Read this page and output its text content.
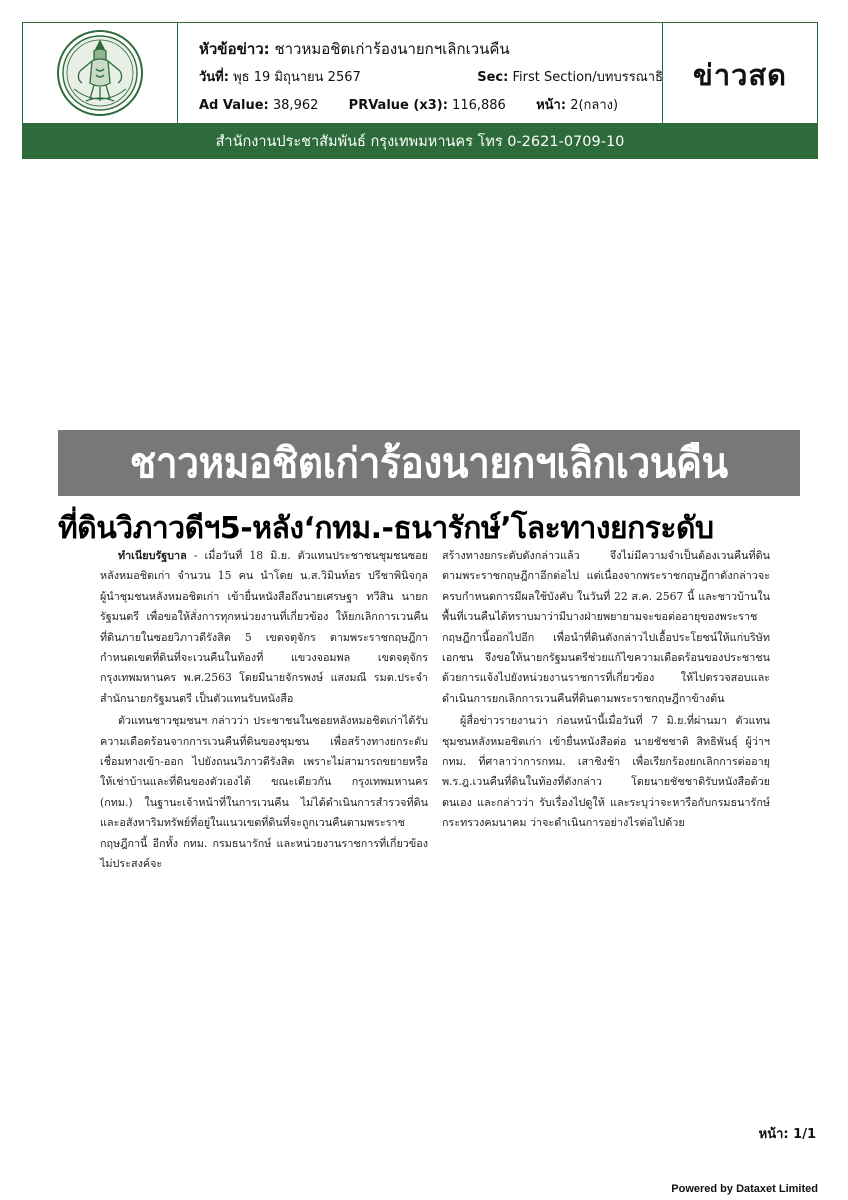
หัวข้อข่าว: ชาวหมอชิตเก่าร้องนายกฯเลิกเวนคืน
วันที่: พุธ 19 มิถุนายน 2567	Sec: First Section/บทบรรณาธิ
Ad Value: 38,962 PRValue (x3): 116,886 หน้า: 2(กลาง)
ข่าวสด
สำนักงานประชาสัมพันธ์ กรุงเทพมหานคร โทร 0-2621-0709-10
ชาวหมอชิตเก่าร้องนายกฯเลิกเวนคืน
ที่ดินวิภาวดีฯ5-หลัง‘กทม.-ธนารักษ์’โละทางยกระดับ

ทำเนียบรัฐบาล - เมื่อวันที่ 18 มิ.ย. ตัวแทนประชาชนชุมชนซอยหลังหมอชิตเก่า จำนวน 15 คน นำโดย น.ส.วิมินท์อร ปรีชาพินิจกุล ผู้นำชุมชนหลังหมอชิตเก่า เข้ายื่นหนังสือถึงนายเศรษฐา ทวีสิน นายกรัฐมนตรี เพื่อขอให้สั่งการทุกหน่วยงานที่เกี่ยวข้อง ให้ยกเลิกการเวนคืนที่ดินภายในซอยวิภาวดีรังสิต 5 เขตจตุจักร ตามพระราชกฤษฎีกากำหนดเขตที่ดินที่จะเวนคืนในท้องที่ แขวงจอมพล เขตจตุจักร กรุงเทพมหานคร พ.ศ.2563 โดยมีนายจักรพงษ์ แสงมณี รมต.ประจำสำนักนายกรัฐมนตรี เป็นตัวแทนรับหนังสือ

ตัวแทนชาวชุมชนฯ กล่าวว่า ประชาชนในซอยหลังหมอชิตเก่าได้รับความเดือดร้อนจากการเวนคืนที่ดินของชุมชน เพื่อสร้างทางยกระดับเชื่อมทางเข้า-ออก ไปยังถนนวิภาวดีรังสิต เพราะไม่สามารถขยายหรือให้เช่าบ้านและที่ดินของตัวเองได้ ขณะเดียวกัน กรุงเทพมหานคร (กทม.) ในฐานะเจ้าหน้าที่ในการเวนคืน ไม่ได้ดำเนินการสำรวจที่ดินและอสังหาริมทรัพย์ที่อยู่ในแนวเขตที่ดินที่จะถูกเวนคืนตามพระราชกฤษฎีกานี้ อีกทั้ง กทม. กรมธนารักษ์ และหน่วยงานราชการที่เกี่ยวข้อง ไม่ประสงค์จะ

สร้างทางยกระดับดังกล่าวแล้ว จึงไม่มีความจำเป็นต้องเวนคืนที่ดินตามพระราชกฤษฎีกาอีกต่อไป แต่เนื่องจากพระราชกฤษฎีกาดังกล่าวจะครบกำหนดการมีผลใช้บังคับ ในวันที่ 22 ส.ค. 2567 นี้ และชาวบ้านในพื้นที่เวนคืนได้ทราบมาว่ามีบางฝ่ายพยายามจะขอต่ออายุของพระราชกฤษฎีกานี้ออกไปอีก เพื่อนำที่ดินดังกล่าวไปเอื้อประโยชน์ให้แก่บริษัทเอกชน จึงขอให้นายกรัฐมนตรีช่วยแก้ไขความเดือดร้อนของประชาชน ด้วยการแจ้งไปยังหน่วยงานราชการที่เกี่ยวข้อง ให้ไปตรวจสอบและดำเนินการยกเลิกการเวนคืนที่ดินตามพระราชกฤษฎีกาข้างต้น

ผู้สื่อข่าวรายงานว่า ก่อนหน้านี้เมื่อวันที่ 7 มิ.ย.ที่ผ่านมา ตัวแทนชุมชนหลังหมอชิตเก่า เข้ายื่นหนังสือต่อ นายชัชชาติ สิทธิพันธุ์ ผู้ว่าฯ กทม. ที่ศาลาว่าการกทม. เสาชิงช้า เพื่อเรียกร้องยกเลิกการต่ออายุ พ.ร.ฎ.เวนคืนที่ดินในท้องที่ดังกล่าว โดยนายชัชชาติรับหนังสือด้วยตนเอง และกล่าวว่า รับเรื่องไปดูให้ และระบุว่าจะหารือกับกรมธนารักษ์ กระทรวงคมนาคม ว่าจะดำเนินการอย่างไรต่อไปด้วย

หน้า: 1/1
Powered by Dataxet Limited
